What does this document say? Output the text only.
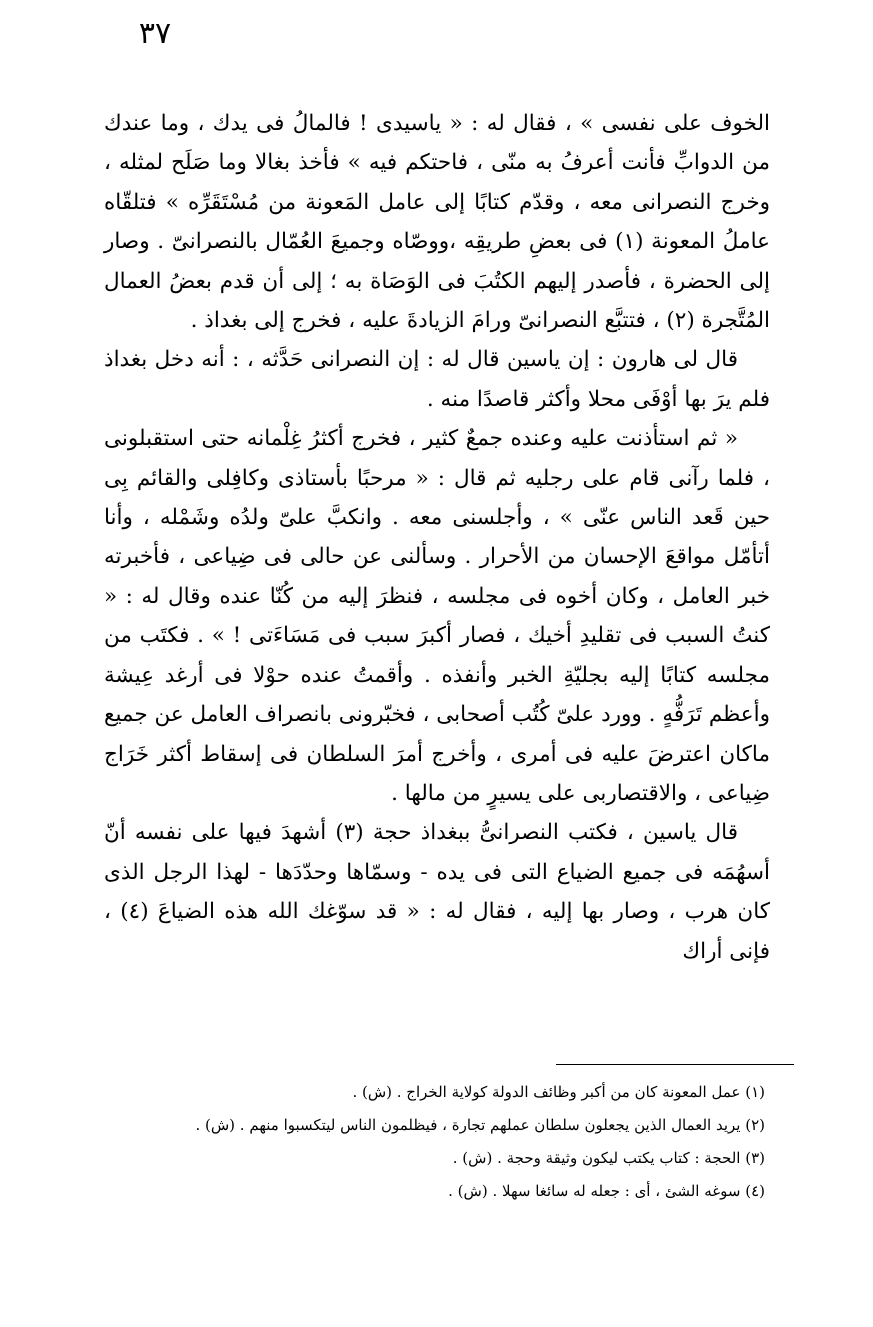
٣٧

الخوف على نفسى » ، فقال له : « ياسيدى ! فالمالُ فى يدك ، وما عندك من الدوابِّ فأنت أعرفُ به منّى ، فاحتكم فيه » فأخذ بغالا وما صَلَح لمثله ، وخرج النصرانى معه ، وقدّم كتابًا إلى عامل المَعونة من مُسْتَقَرِّه » فتلقّاه عاملُ المعونة (١) فى بعضِ طريقِه ،ووصّاه وجميعَ العُمّال بالنصرانىّ . وصار إلى الحضرة ، فأصدر إليهم الكتُبَ فى الوَصَاة به ؛ إلى أن قدم بعضُ العمال المُتَّجرة (٢) ، فتتبَّع النصرانىّ ورامَ الزيادةَ عليه ، فخرج إلى بغداذ .

قال لى هارون : إن ياسين قال له : إن النصرانى حَدَّثه ، : أنه دخل بغداذ فلم يرَ بها أوْفَى محلا وأكثر قاصدًا منه .

« ثم استأذنت عليه وعنده جمعٌ كثير ، فخرج أكثرُ غِلْمانه حتى استقبلونى ، فلما رآنى قام على رجليه ثم قال : « مرحبًا بأستاذى وكافِلى والقائم بِى حين قَعد الناس عنّى » ، وأجلسنى معه . وانكبَّ علىّ ولدُه وشَمْله ، وأنا أتأمّل مواقعَ الإحسان من الأحرار . وسألنى عن حالى فى ضِياعى ، فأخبرته خبر العامل ، وكان أخوه فى مجلسه ، فنظرَ إليه من كُنّا عنده وقال له : « كنتُ السبب فى تقليدِ أخيك ، فصار أكبرَ سبب فى مَسَاءَتى ! » . فكتَب من مجلسه كتابًا إليه بجليّةِ الخبر وأنفذه . وأقمتُ عنده حوْلا فى أرغد عِيشة وأعظم تَرَفُّهٍ . وورد علىّ كُتُب أصحابى ، فخبّرونى بانصراف العامل عن جميع ماكان اعترضَ عليه فى أمرى ، وأخرج أمرَ السلطان فى إسقاط أكثر خَرَاج ضِياعى ، والاقتصاربى على يسيرٍ من مالها .

قال ياسين ، فكتب النصرانىُّ ببغداذ حجة (٣) أشهدَ فيها على نفسه أنّ أسهُمَه فى جميع الضياع التى فى يده - وسمّاها وحدّدَها - لهذا الرجل الذى كان هرب ، وصار بها إليه ، فقال له : « قد سوّغك الله هذه الضياعَ (٤) ، فإنى أراك

(١) عمل المعونة كان من أكبر وظائف الدولة كولاية الخراج . (ش) .

(٢) يريد العمال الذين يجعلون سلطان عملهم تجارة ، فيظلمون الناس ليتكسبوا منهم . (ش) .

(٣) الحجة : كتاب يكتب ليكون وثيقة وحجة . (ش) .

(٤) سوغه الشئ ، أى : جعله له سائغا سهلا . (ش) .
